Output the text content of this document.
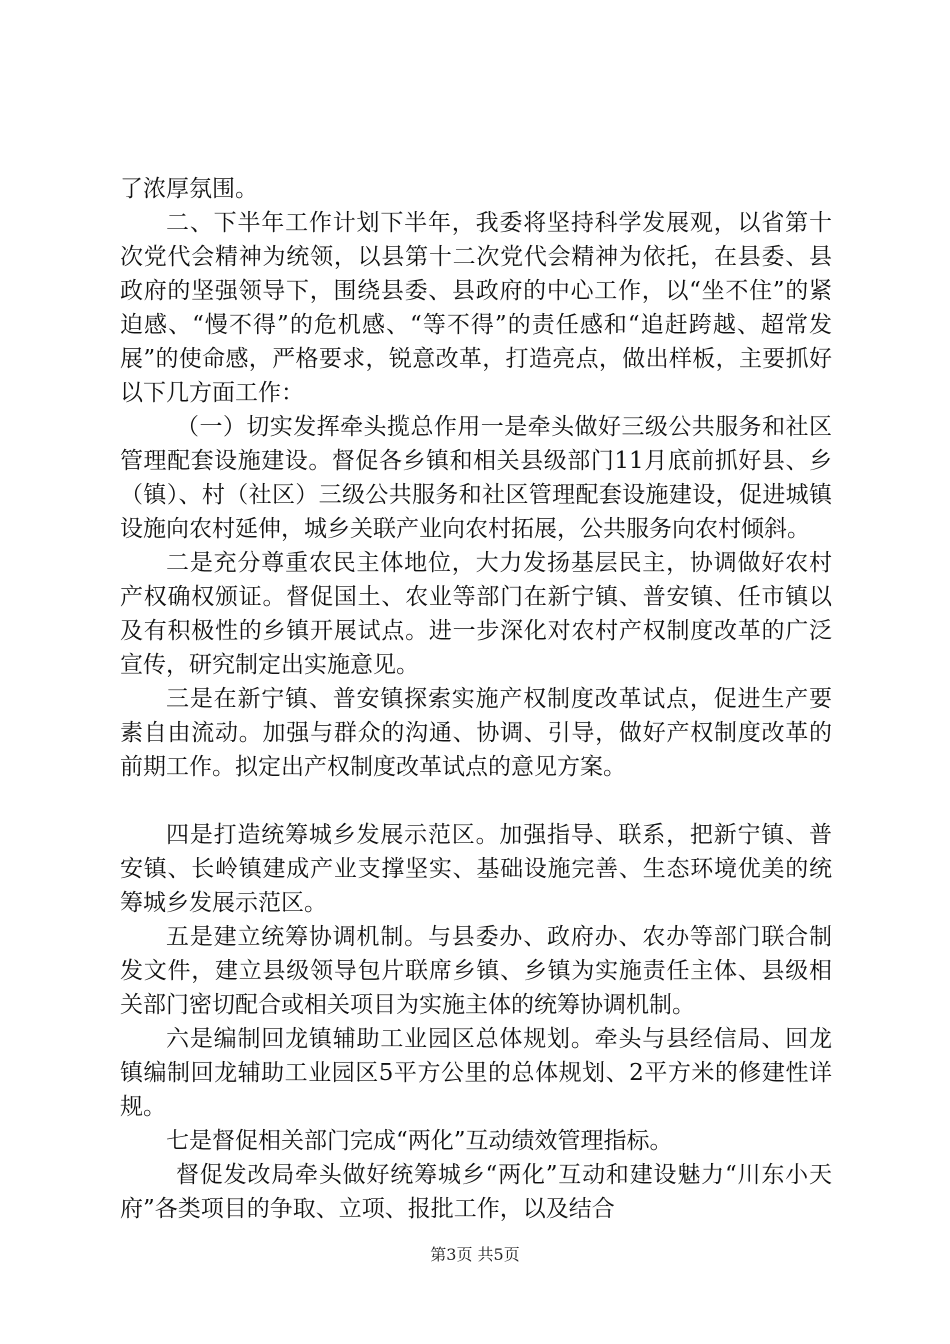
了浓厚氛围。

二、下半年工作计划下半年，我委将坚持科学发展观，以省第十次党代会精神为统领，以县第十二次党代会精神为依托，在县委、县政府的坚强领导下，围绕县委、县政府的中心工作，以“坐不住”的紧迫感、“慢不得”的危机感、“等不得”的责任感和“追赶跨越、超常发展”的使命感，严格要求，锐意改革，打造亮点，做出样板，主要抓好以下几方面工作：

（一）切实发挥牵头揽总作用一是牵头做好三级公共服务和社区管理配套设施建设。督促各乡镇和相关县级部门11月底前抓好县、乡（镇）、村（社区）三级公共服务和社区管理配套设施建设，促进城镇设施向农村延伸，城乡关联产业向农村拓展，公共服务向农村倾斜。

二是充分尊重农民主体地位，大力发扬基层民主，协调做好农村产权确权颁证。督促国土、农业等部门在新宁镇、普安镇、任市镇以及有积极性的乡镇开展试点。进一步深化对农村产权制度改革的广泛宣传，研究制定出实施意见。

三是在新宁镇、普安镇探索实施产权制度改革试点，促进生产要素自由流动。加强与群众的沟通、协调、引导，做好产权制度改革的前期工作。拟定出产权制度改革试点的意见方案。

四是打造统筹城乡发展示范区。加强指导、联系，把新宁镇、普安镇、长岭镇建成产业支撑坚实、基础设施完善、生态环境优美的统筹城乡发展示范区。

五是建立统筹协调机制。与县委办、政府办、农办等部门联合制发文件，建立县级领导包片联席乡镇、乡镇为实施责任主体、县级相关部门密切配合或相关项目为实施主体的统筹协调机制。

六是编制回龙镇辅助工业园区总体规划。牵头与县经信局、回龙镇编制回龙辅助工业园区5平方公里的总体规划、2平方米的修建性详规。

七是督促相关部门完成“两化”互动绩效管理指标。

督促发改局牵头做好统筹城乡“两化”互动和建设魅力“川东小天府”各类项目的争取、立项、报批工作，以及结合

第3页 共5页
